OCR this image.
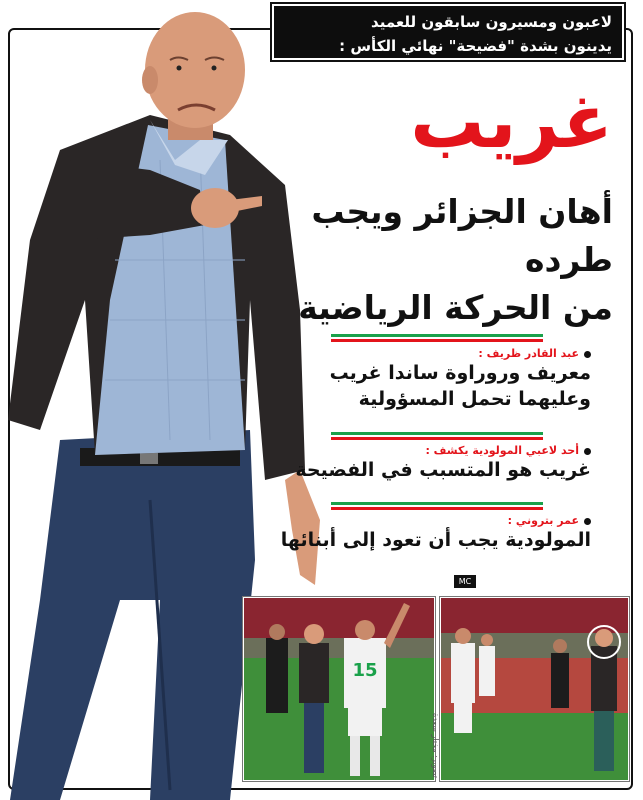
لاعبون ومسيرون سابقون للعميد
يدينون بشدة "فضيحة" نهائي الكأس :
غريب
أهان الجزائر ويجب طرده
من الحركة الرياضية
عبد القادر ظريف :
معريف وروراوة ساندا غريب
وعليهما تحمل المسؤولية
أحد لاعبي المولودية يكشف :
غريب هو المتسبب في الفضيحة
عمر بتروني :
المولودية يجب أن تعود إلى أبنائها
MC
15
تصوير: مختار سعدة
